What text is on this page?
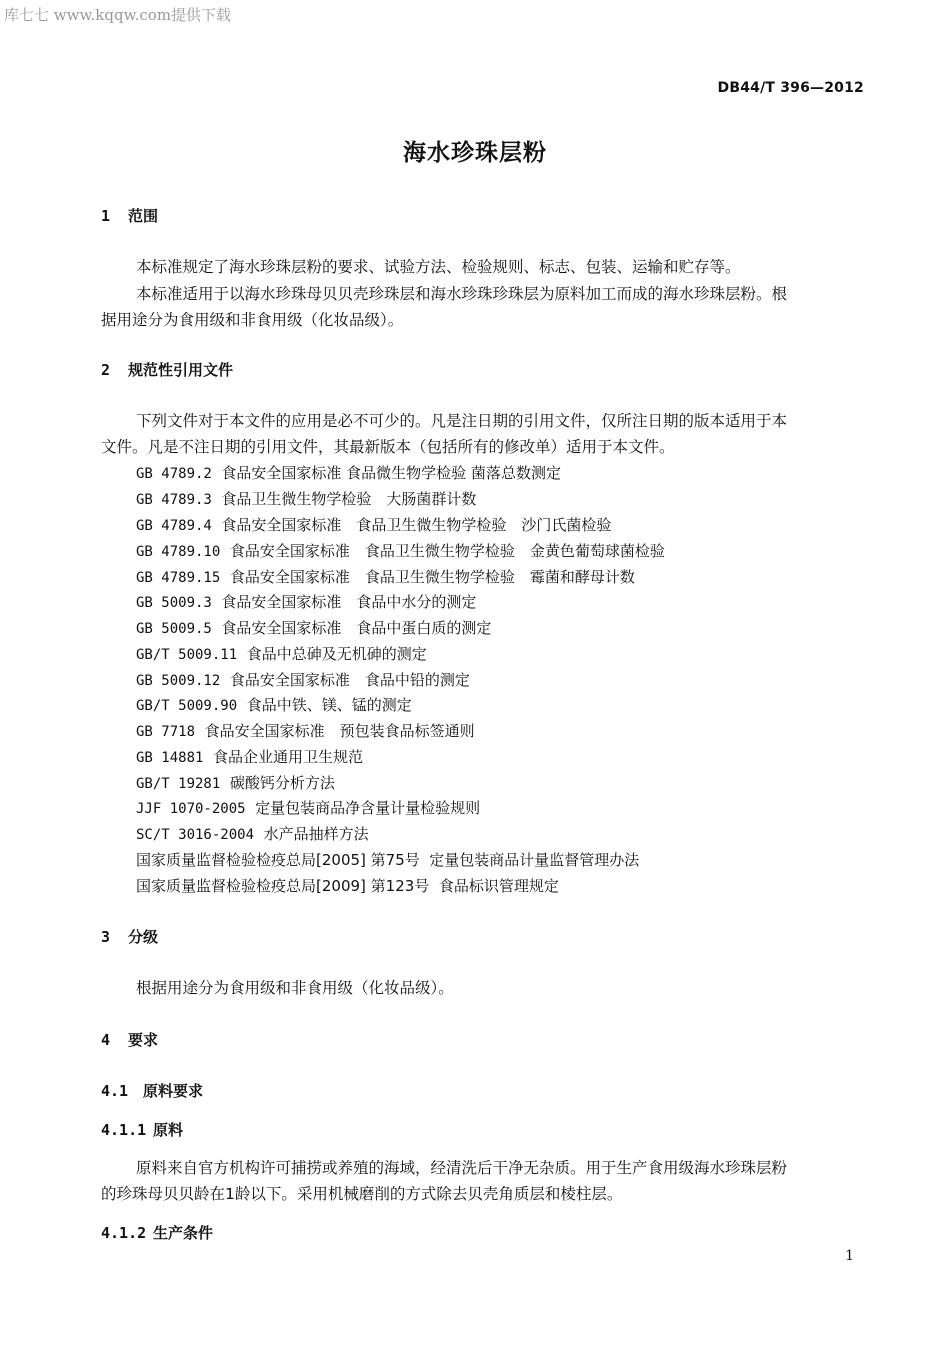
库七七 www.kqqw.com提供下载
DB44/T 396—2012
海水珍珠层粉
1 范围
本标准规定了海水珍珠层粉的要求、试验方法、检验规则、标志、包装、运输和贮存等。
本标准适用于以海水珍珠母贝贝壳珍珠层和海水珍珠珍珠层为原料加工而成的海水珍珠层粉。根
据用途分为食用级和非食用级（化妆品级）。
2 规范性引用文件
下列文件对于本文件的应用是必不可少的。凡是注日期的引用文件，仅所注日期的版本适用于本
文件。凡是不注日期的引用文件，其最新版本（包括所有的修改单）适用于本文件。
GB 4789.2 食品安全国家标准 食品微生物学检验 菌落总数测定
GB 4789.3 食品卫生微生物学检验　大肠菌群计数
GB 4789.4 食品安全国家标准　食品卫生微生物学检验　沙门氏菌检验
GB 4789.10 食品安全国家标准　食品卫生微生物学检验　金黄色葡萄球菌检验
GB 4789.15 食品安全国家标准　食品卫生微生物学检验　霉菌和酵母计数
GB 5009.3 食品安全国家标准　食品中水分的测定
GB 5009.5 食品安全国家标准　食品中蛋白质的测定
GB/T 5009.11 食品中总砷及无机砷的测定
GB 5009.12 食品安全国家标准　食品中铅的测定
GB/T 5009.90 食品中铁、镁、锰的测定
GB 7718 食品安全国家标准　预包装食品标签通则
GB 14881 食品企业通用卫生规范
GB/T 19281 碳酸钙分析方法
JJF 1070-2005 定量包装商品净含量计量检验规则
SC/T 3016-2004 水产品抽样方法
国家质量监督检验检疫总局[2005] 第75号 定量包装商品计量监督管理办法
国家质量监督检验检疫总局[2009] 第123号 食品标识管理规定
3 分级
根据用途分为食用级和非食用级（化妆品级）。
4 要求
4.1 原料要求
4.1.1 原料
原料来自官方机构许可捕捞或养殖的海域，经清洗后干净无杂质。用于生产食用级海水珍珠层粉
的珍珠母贝贝龄在1龄以下。采用机械磨削的方式除去贝壳角质层和棱柱层。
4.1.2 生产条件
1
